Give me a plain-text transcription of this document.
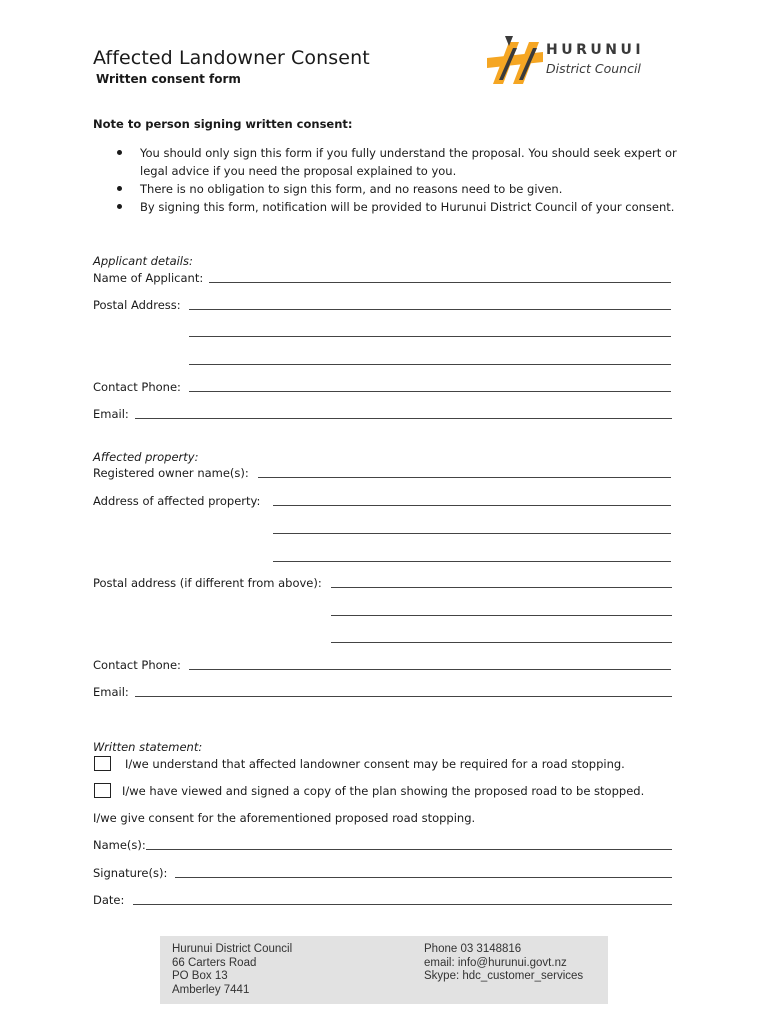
Affected Landowner Consent
Written consent form
HURUNUI
District Council
Note to person signing written consent:
You should only sign this form if you fully understand the proposal. You should seek expert or legal advice if you need the proposal explained to you.
There is no obligation to sign this form, and no reasons need to be given.
By signing this form, notification will be provided to Hurunui District Council of your consent.
Applicant details:
Name of Applicant:
Postal Address:
Contact Phone:
Email:
Affected property:
Registered owner name(s):
Address of affected property:
Postal address (if different from above):
Contact Phone:
Email:
Written statement:
I/we understand that affected landowner consent may be required for a road stopping.
I/we have viewed and signed a copy of the plan showing the proposed road to be stopped.
I/we give consent for the aforementioned proposed road stopping.
Name(s):
Signature(s):
Date:
Hurunui District Council
66 Carters Road
PO Box 13
Amberley 7441
Phone 03 3148816
email: info@hurunui.govt.nz
Skype: hdc_customer_services
